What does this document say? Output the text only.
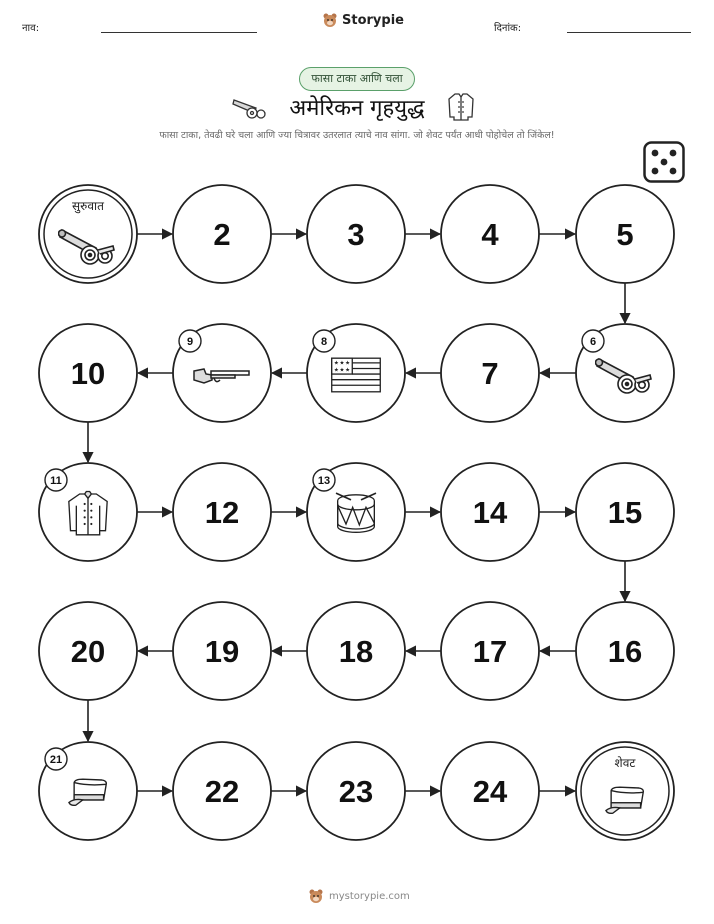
नाव:
Storypie
दिनांक:
फासा टाका आणि चला
अमेरिकन गृहयुद्ध
फासा टाका, तेवढी घरे चला आणि ज्या चित्रावर उतरलात त्याचे नाव सांगा. जो शेवट पर्यंत आधी पोहोचेल तो जिंकेल!
सुरुवात
2	3	4	5
6
7
8
9
10
11
12
13
14	15
16
17
18
19
20
21
22	23	24
शेवट
mystorypie.com
